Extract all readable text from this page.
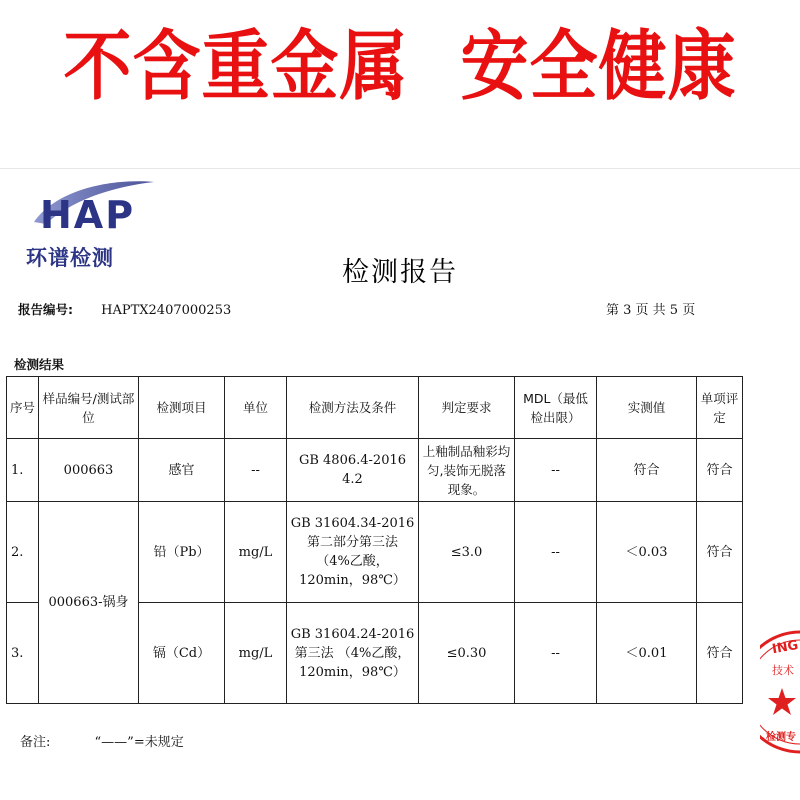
不含重金属 安全健康
HAP
环谱检测	检测报告
报告编号: HAPTX2407000253	第 3 页 共 5 页
检测结果
序号	样品编号/测试部位	检测项目	单位	检测方法及条件	判定要求	MDL（最低检出限）	实测值	单项评定
1.	000663	感官	--	GB 4806.4-2016 4.2	上釉制品釉彩均匀,装饰无脱落现象。	--	符合	符合
2.	000663-锅身	铅（Pb）	mg/L	GB 31604.34-2016 第二部分第三法 （4%乙酸，120min，98℃）	≤3.0	--	＜0.03	符合
3.		镉（Cd）	mg/L	GB 31604.24-2016 第三法 （4%乙酸，120min，98℃）	≤0.30	--	＜0.01	符合
备注:	“——”=未规定
ING
技术
检测专
